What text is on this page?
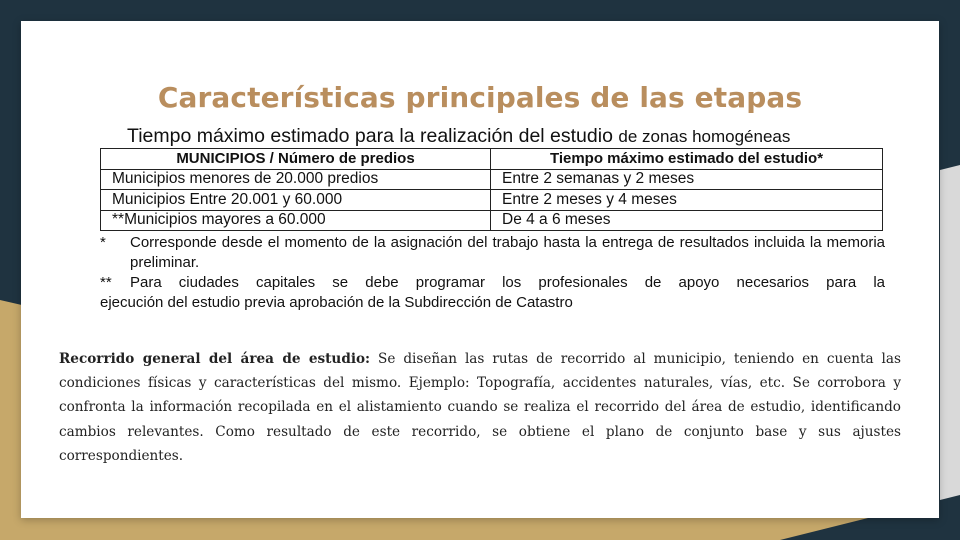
Características principales de las etapas
Tiempo máximo estimado para la realización del estudio de zonas homogéneas
MUNICIPIOS / Número de predios	Tiempo máximo estimado del estudio*
Municipios menores de 20.000 predios	Entre 2 semanas y 2 meses
Municipios Entre 20.001 y 60.000	Entre 2 meses y 4 meses
**Municipios mayores a 60.000	De 4 a 6 meses
*	Corresponde desde el momento de la asignación del trabajo hasta la entrega de resultados incluida la memoria preliminar.
**	Para ciudades capitales se debe programar los profesionales de apoyo necesarios para la
ejecución del estudio previa aprobación de la Subdirección de Catastro

Recorrido general del área de estudio: Se diseñan las rutas de recorrido al municipio, teniendo en cuenta las condiciones físicas y características del mismo. Ejemplo: Topografía, accidentes naturales, vías, etc. Se corrobora y confronta la información recopilada en el alistamiento cuando se realiza el recorrido del área de estudio, identificando cambios relevantes. Como resultado de este recorrido, se obtiene el plano de conjunto base y sus ajustes correspondientes.
